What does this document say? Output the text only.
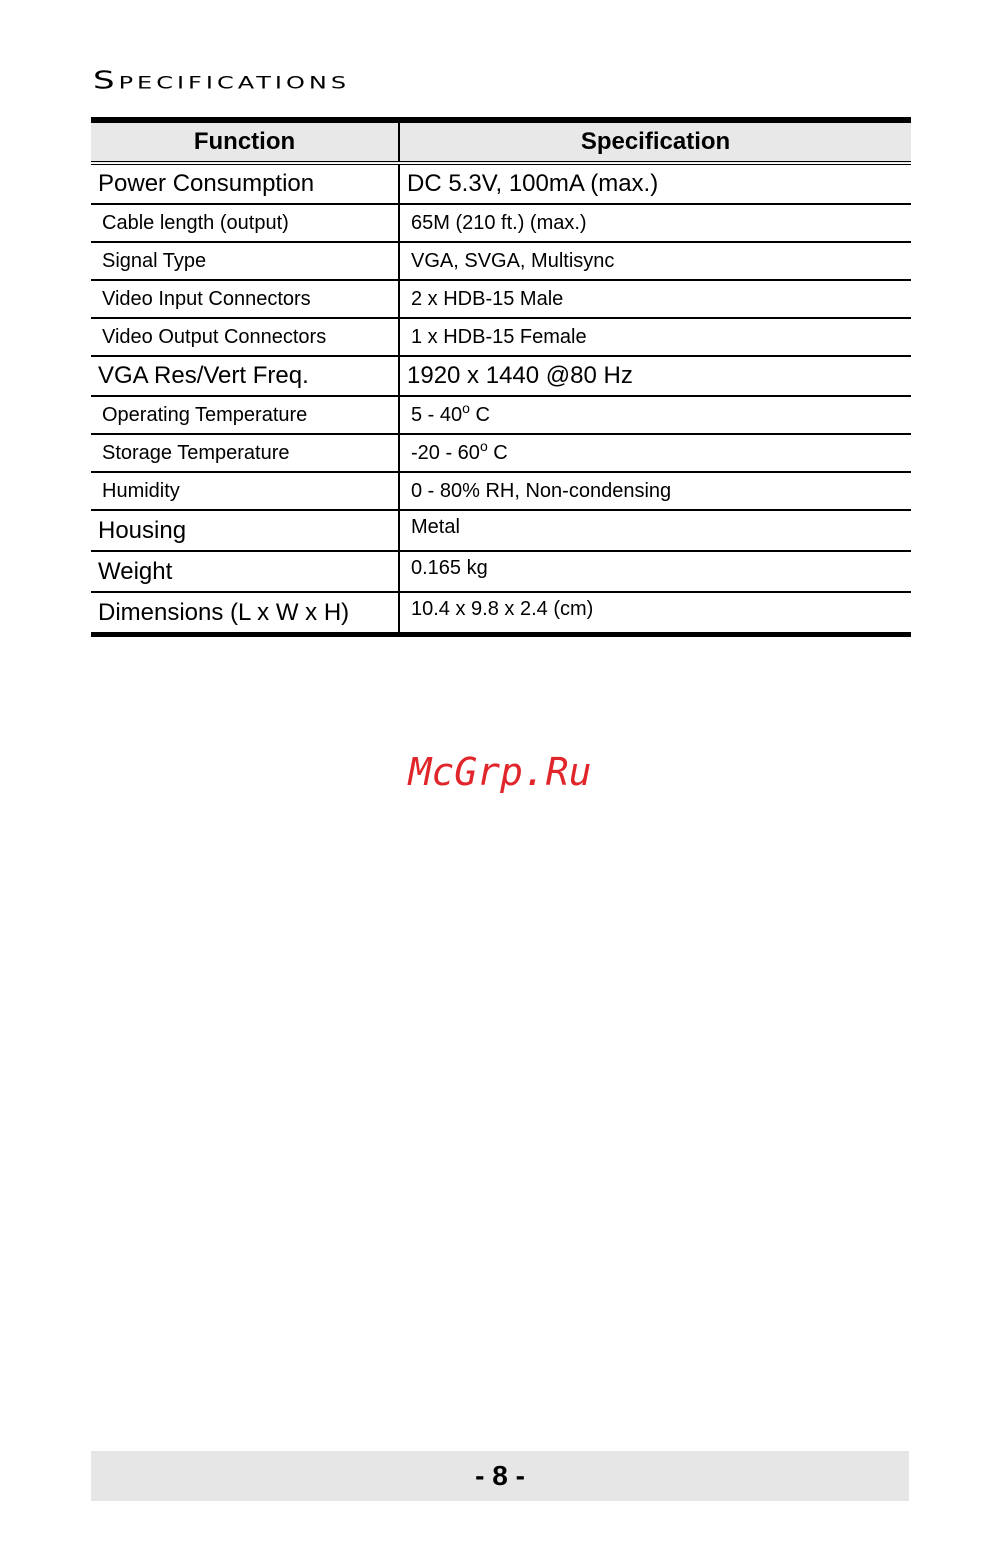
Specifications
Function	Specification
Power Consumption	DC 5.3V, 100mA (max.)
Cable length (output)	65M (210 ft.) (max.)
Signal Type	VGA, SVGA, Multisync
Video Input Connectors	2 x HDB-15 Male
Video Output Connectors	1 x HDB-15 Female
VGA Res/Vert Freq.	1920 x 1440 @80 Hz
Operating Temperature	5 - 40$^o$ C
Storage Temperature	-20 - 60$^o$ C
Humidity	0 - 80% RH, Non-condensing
Housing	Metal
Weight	0.165 kg
Dimensions (L x W x H)	10.4 x 9.8 x 2.4 (cm)
McGrp.Ru
- 8 -
